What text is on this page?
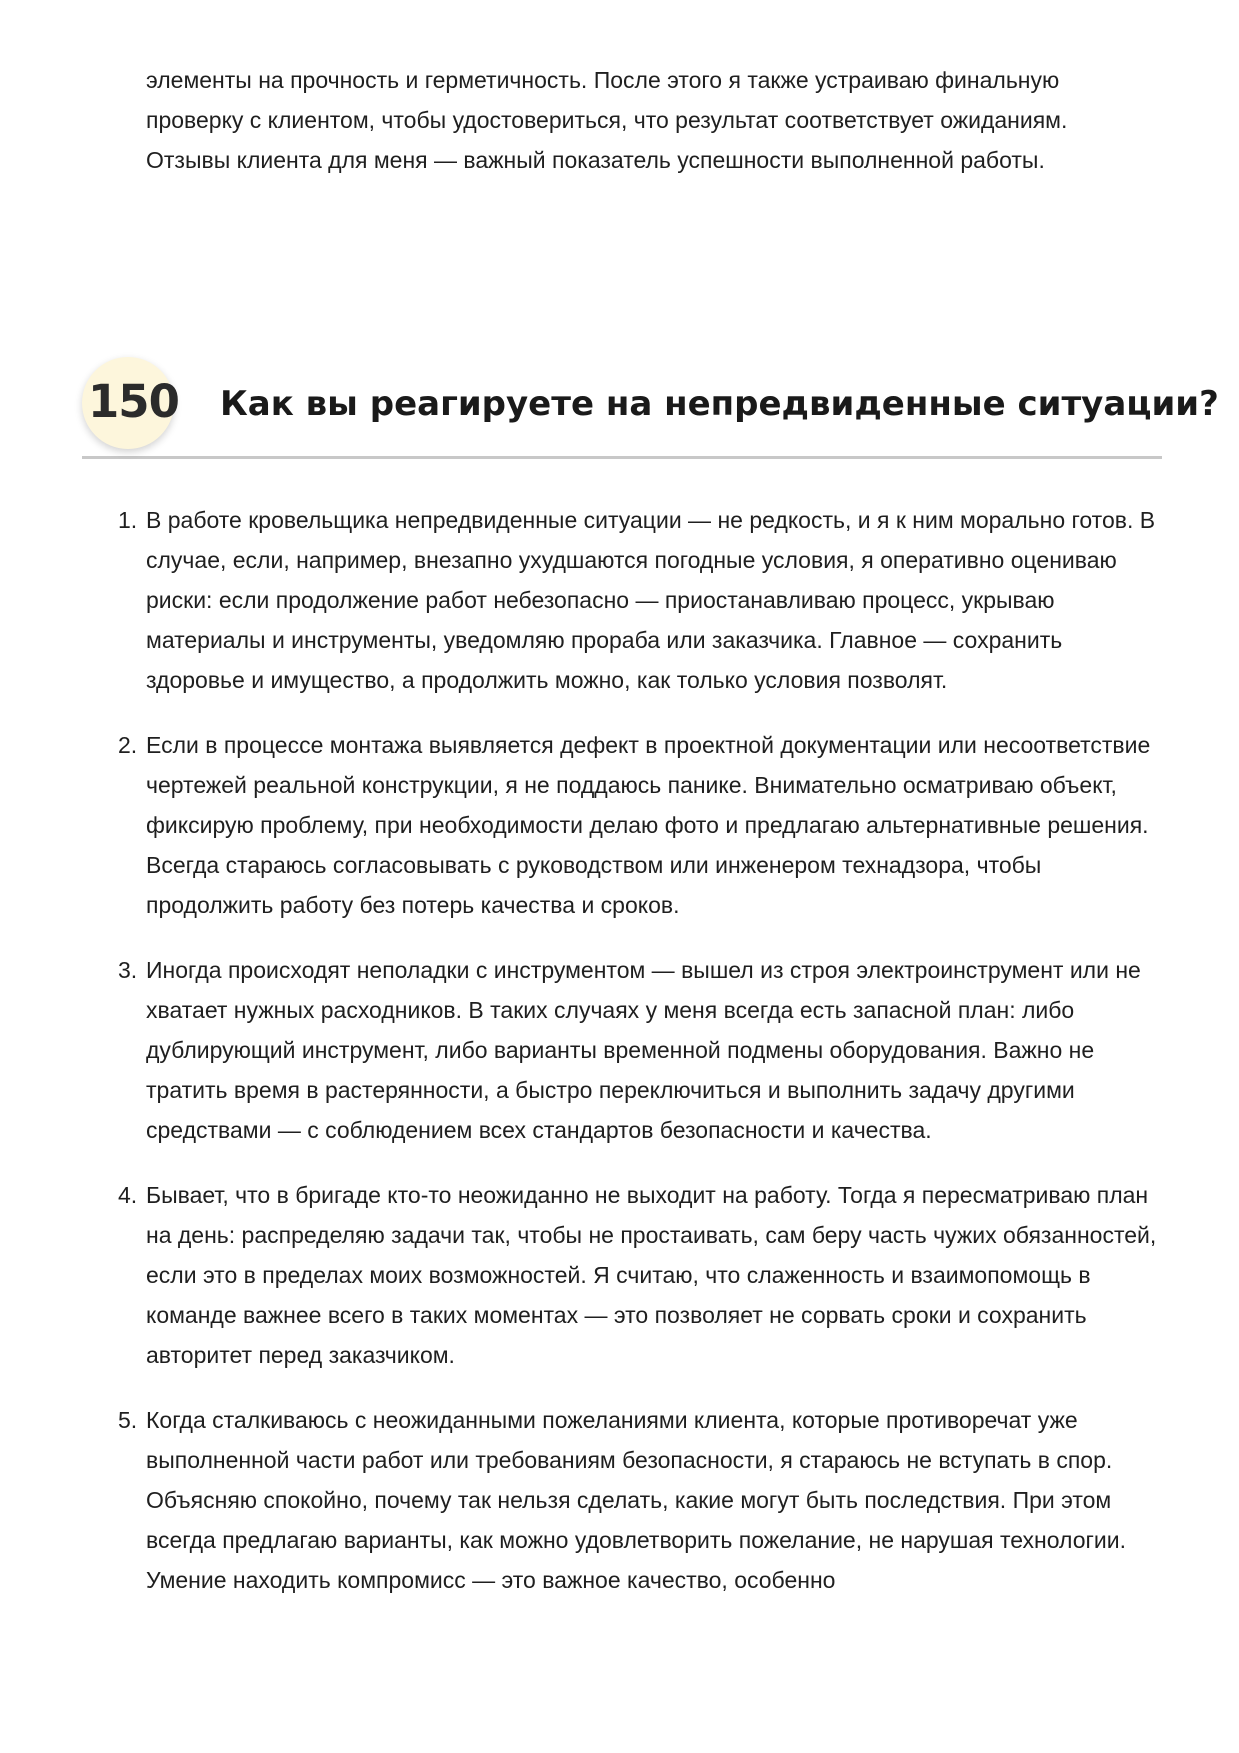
элементы на прочность и герметичность. После этого я также устраиваю финальную проверку с клиентом, чтобы удостовериться, что результат соответствует ожиданиям. Отзывы клиента для меня — важный показатель успешности выполненной работы.

150 Как вы реагируете на непредвиденные ситуации?
1. В работе кровельщика непредвиденные ситуации — не редкость, и я к ним морально готов. В случае, если, например, внезапно ухудшаются погодные условия, я оперативно оцениваю риски: если продолжение работ небезопасно — приостанавливаю процесс, укрываю материалы и инструменты, уведомляю прораба или заказчика. Главное — сохранить здоровье и имущество, а продолжить можно, как только условия позволят.
2. Если в процессе монтажа выявляется дефект в проектной документации или несоответствие чертежей реальной конструкции, я не поддаюсь панике. Внимательно осматриваю объект, фиксирую проблему, при необходимости делаю фото и предлагаю альтернативные решения. Всегда стараюсь согласовывать с руководством или инженером технадзора, чтобы продолжить работу без потерь качества и сроков.
3. Иногда происходят неполадки с инструментом — вышел из строя электроинструмент или не хватает нужных расходников. В таких случаях у меня всегда есть запасной план: либо дублирующий инструмент, либо варианты временной подмены оборудования. Важно не тратить время в растерянности, а быстро переключиться и выполнить задачу другими средствами — с соблюдением всех стандартов безопасности и качества.
4. Бывает, что в бригаде кто-то неожиданно не выходит на работу. Тогда я пересматриваю план на день: распределяю задачи так, чтобы не простаивать, сам беру часть чужих обязанностей, если это в пределах моих возможностей. Я считаю, что слаженность и взаимопомощь в команде важнее всего в таких моментах — это позволяет не сорвать сроки и сохранить авторитет перед заказчиком.
5. Когда сталкиваюсь с неожиданными пожеланиями клиента, которые противоречат уже выполненной части работ или требованиям безопасности, я стараюсь не вступать в спор. Объясняю спокойно, почему так нельзя сделать, какие могут быть последствия. При этом всегда предлагаю варианты, как можно удовлетворить пожелание, не нарушая технологии. Умение находить компромисс — это важное качество, особенно
